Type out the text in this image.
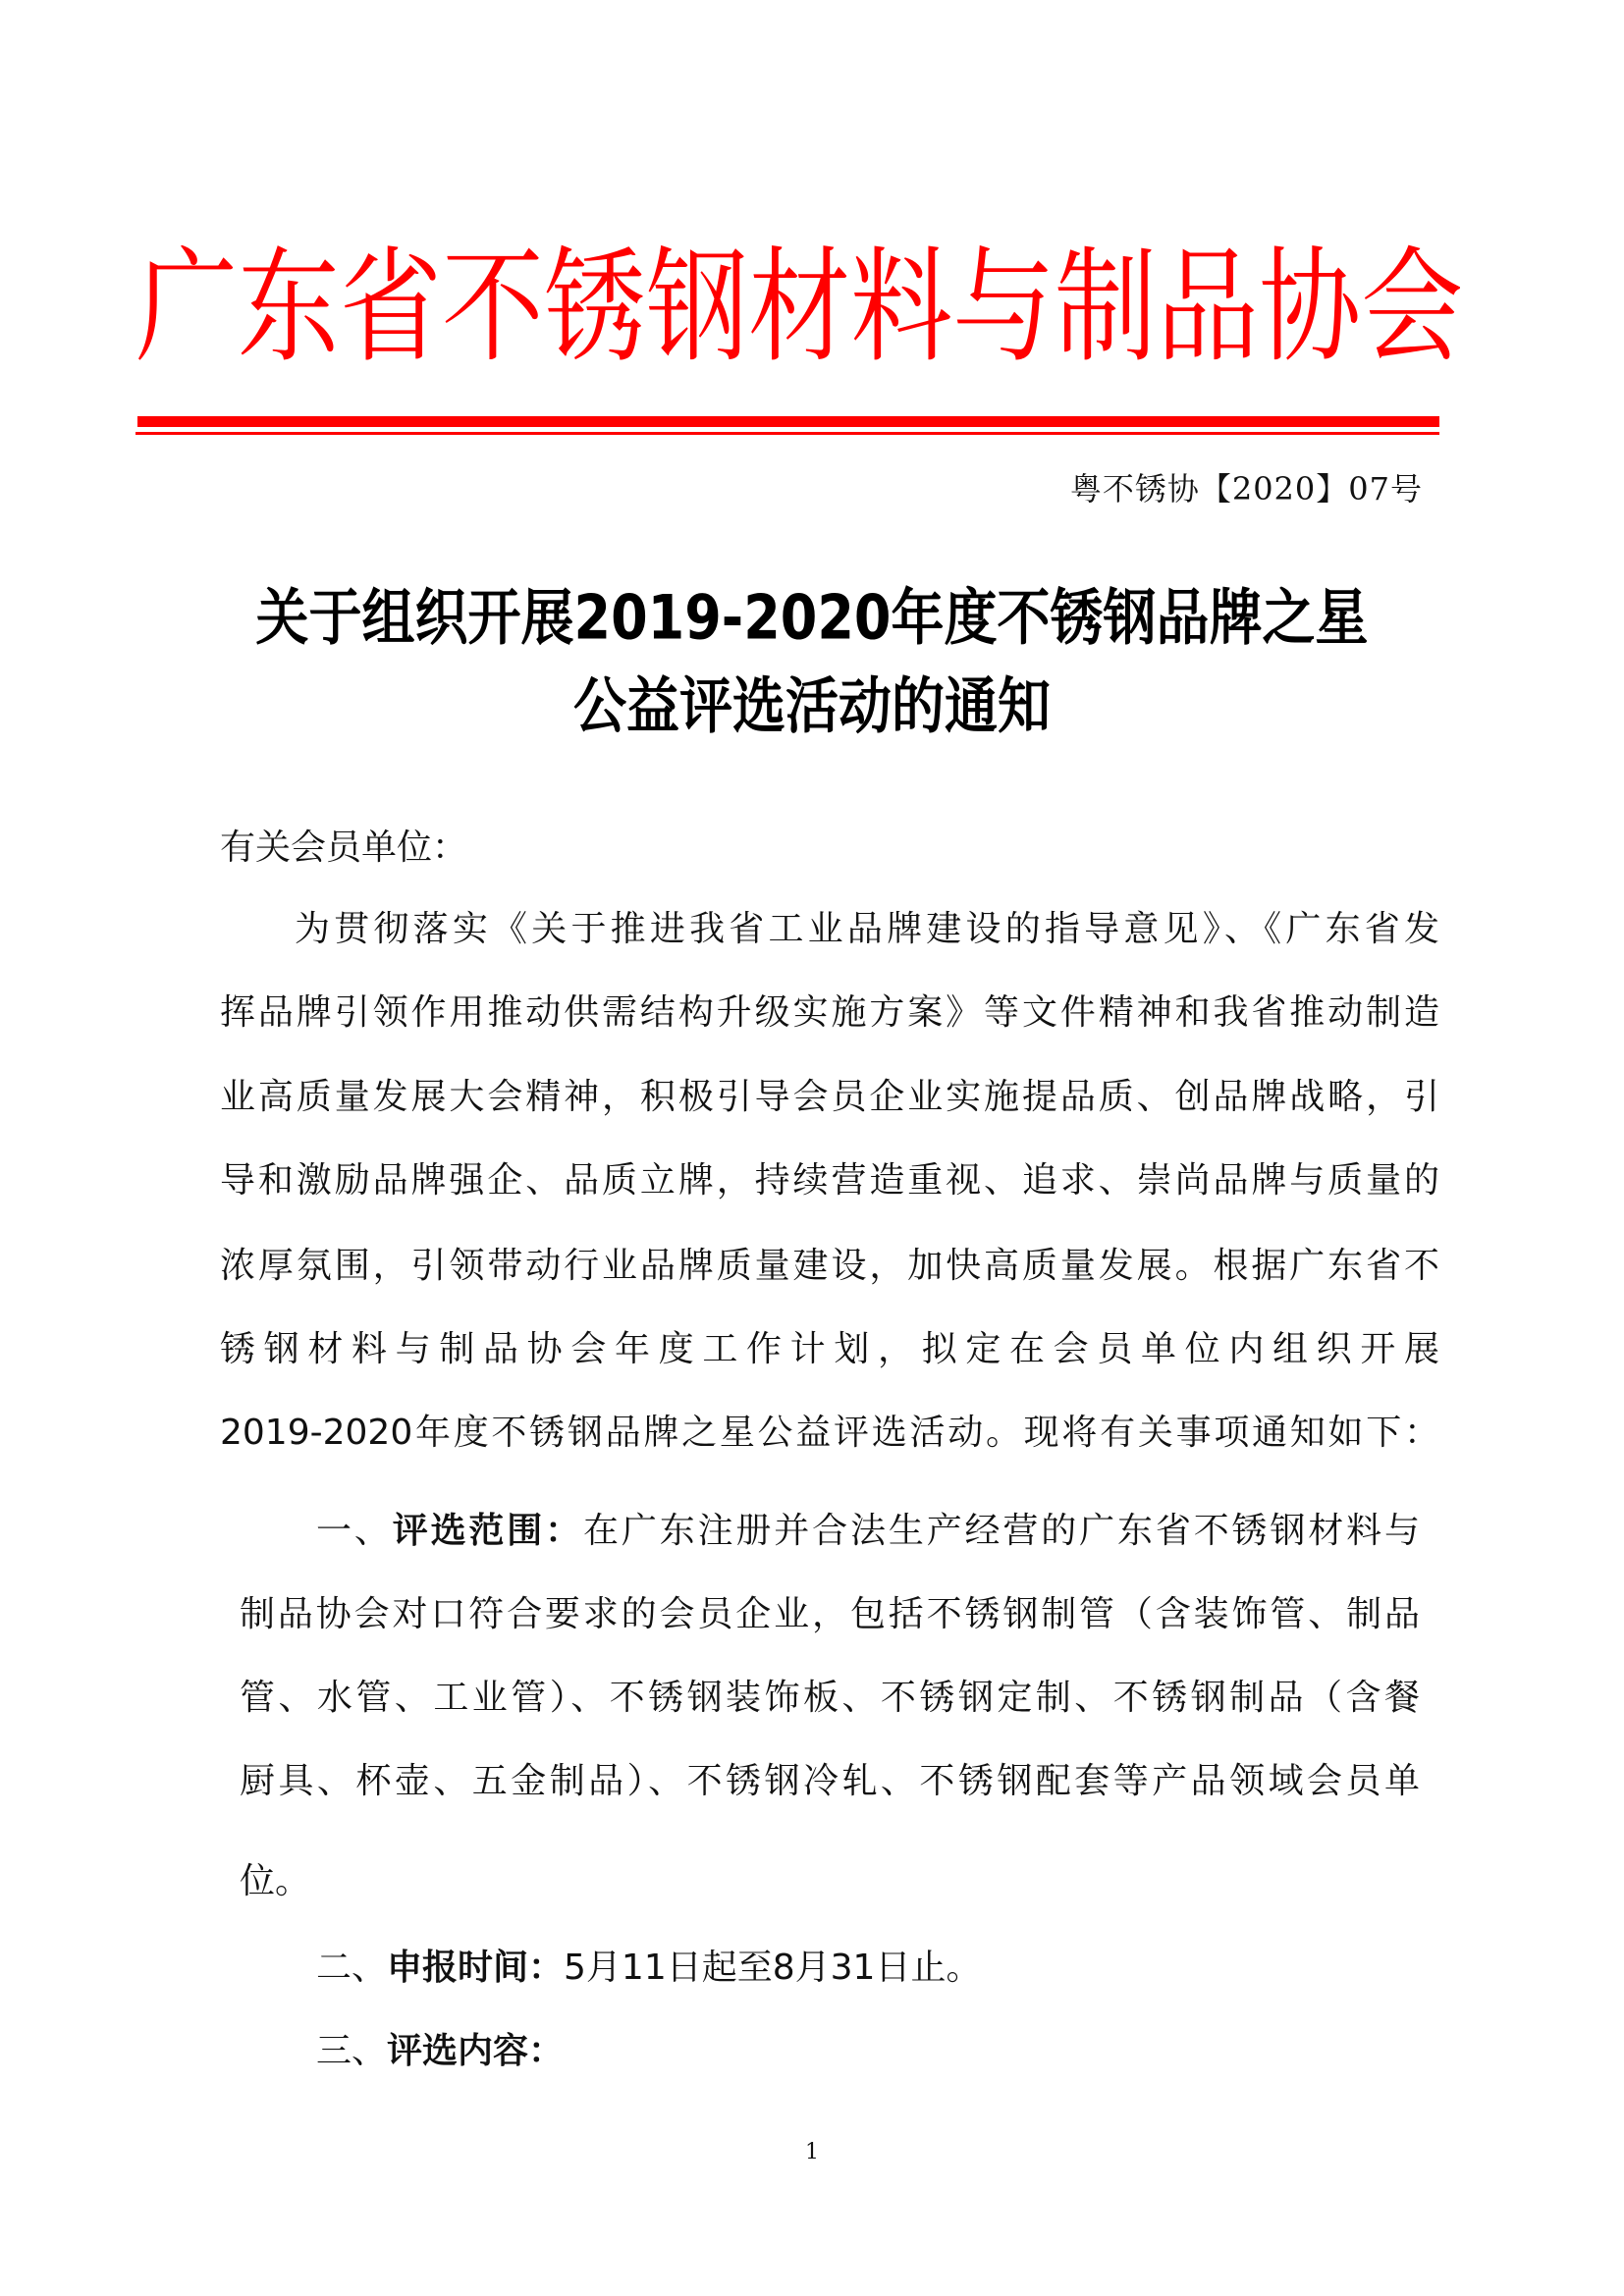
广 东 省 不 锈 钢 材 料 与 制 品 协 会
粤不锈协【2020】07号
关于组织开展2019-2020年度不锈钢品牌之星
公益评选活动的通知
有关会员单位：
为贯彻落实《关于推进我省工业品牌建设的指导意见》、《广东省发
挥品牌引领作用推动供需结构升级实施方案》等文件精神和我省推动制造
业高质量发展大会精神，积极引导会员企业实施提品质、创品牌战略，引
导和激励品牌强企、品质立牌，持续营造重视、追求、崇尚品牌与质量的
浓厚氛围，引领带动行业品牌质量建设，加快高质量发展。根据广东省不
锈钢材料与制品协会年度工作计划，拟定在会员单位内组织开展
2019-2020年度不锈钢品牌之星公益评选活动。现将有关事项通知如下：
一、评选范围：在广东注册并合法生产经营的广东省不锈钢材料与
制品协会对口符合要求的会员企业，包括不锈钢制管（含装饰管、制品
管、水管、工业管）、不锈钢装饰板、不锈钢定制、不锈钢制品（含餐
厨具、杯壶、五金制品）、不锈钢冷轧、不锈钢配套等产品领域会员单
位。
二、申报时间：5月11日起至8月31日止。
三、评选内容：
1
